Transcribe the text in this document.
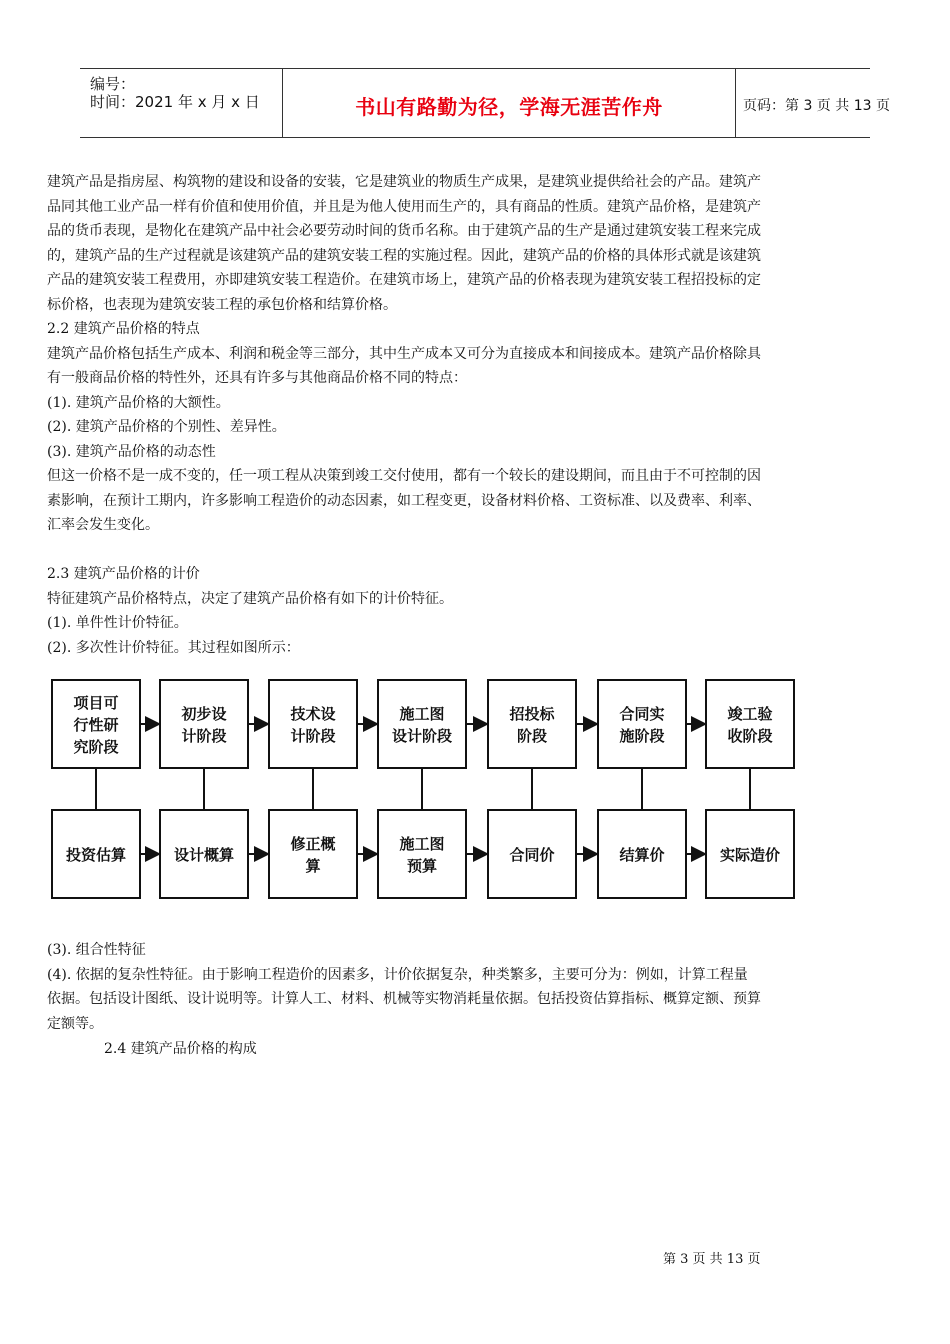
编号：
时间：2021 年 x 月 x 日	书山有路勤为径，学海无涯苦作舟	页码：第 3 页 共 13 页
建筑产品是指房屋、构筑物的建设和设备的安装，它是建筑业的物质生产成果，是建筑业提供给社会的产品。建筑产
品同其他工业产品一样有价值和使用价值，并且是为他人使用而生产的，具有商品的性质。建筑产品价格，是建筑产
品的货币表现，是物化在建筑产品中社会必要劳动时间的货币名称。由于建筑产品的生产是通过建筑安装工程来完成
的，建筑产品的生产过程就是该建筑产品的建筑安装工程的实施过程。因此，建筑产品的价格的具体形式就是该建筑
产品的建筑安装工程费用，亦即建筑安装工程造价。在建筑市场上，建筑产品的价格表现为建筑安装工程招投标的定
标价格，也表现为建筑安装工程的承包价格和结算价格。
2.2 建筑产品价格的特点
建筑产品价格包括生产成本、利润和税金等三部分，其中生产成本又可分为直接成本和间接成本。建筑产品价格除具
有一般商品价格的特性外，还具有许多与其他商品价格不同的特点：
(1). 建筑产品价格的大额性。
(2). 建筑产品价格的个别性、差异性。
(3). 建筑产品价格的动态性
但这一价格不是一成不变的，任一项工程从决策到竣工交付使用，都有一个较长的建设期间，而且由于不可控制的因
素影响，在预计工期内，许多影响工程造价的动态因素，如工程变更，设备材料价格、工资标准、以及费率、利率、
汇率会发生变化。
2.3 建筑产品价格的计价
特征建筑产品价格特点，决定了建筑产品价格有如下的计价特征。
(1). 单件性计价特征。
(2). 多次性计价特征。其过程如图所示：
项目可
行性研
究阶段
初步设
计阶段
技术设
计阶段
施工图
设计阶段
招投标
阶段
合同实
施阶段
竣工验
收阶段
投资估算	设计概算
修正概
算
施工图
预算
合同价	结算价	实际造价
(3). 组合性特征
(4). 依据的复杂性特征。由于影响工程造价的因素多，计价依据复杂，种类繁多，主要可分为：例如，计算工程量
依据。包括设计图纸、设计说明等。计算人工、材料、机械等实物消耗量依据。包括投资估算指标、概算定额、预算
定额等。
2.4 建筑产品价格的构成
第 3 页 共 13 页
